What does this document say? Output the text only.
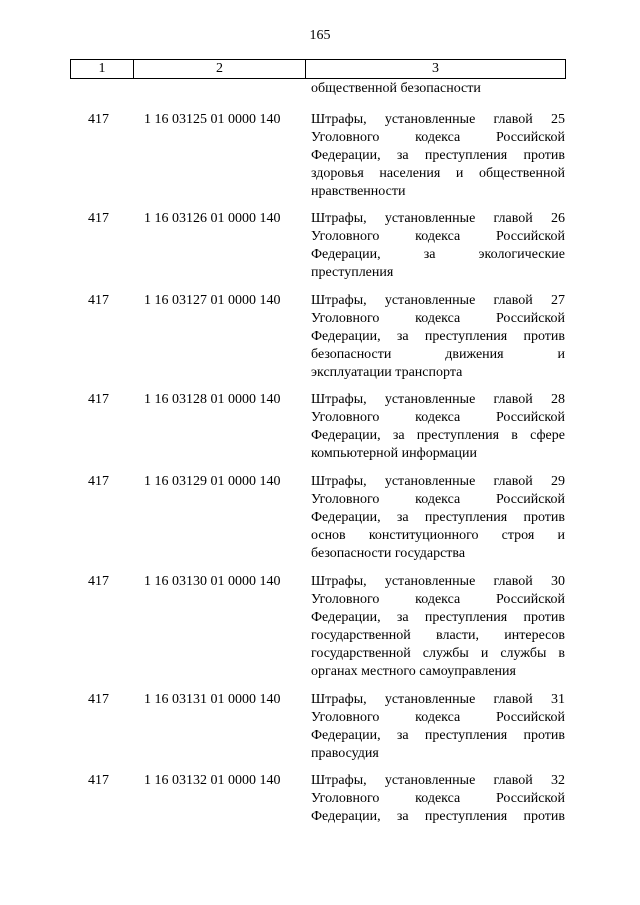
165
1	2	3
общественной безопасности
417	1 16 03125 01 0000 140	Штрафы, установленные главой 25
Уголовного кодекса Российской
Федерации, за преступления против
здоровья населения и общественной
нравственности
417	1 16 03126 01 0000 140	Штрафы, установленные главой 26
Уголовного кодекса Российской
Федерации, за экологические
преступления
417	1 16 03127 01 0000 140	Штрафы, установленные главой 27
Уголовного кодекса Российской
Федерации, за преступления против
безопасности движения и
эксплуатации транспорта
417	1 16 03128 01 0000 140	Штрафы, установленные главой 28
Уголовного кодекса Российской
Федерации, за преступления в сфере
компьютерной информации
417	1 16 03129 01 0000 140	Штрафы, установленные главой 29
Уголовного кодекса Российской
Федерации, за преступления против
основ конституционного строя и
безопасности государства
417	1 16 03130 01 0000 140	Штрафы, установленные главой 30
Уголовного кодекса Российской
Федерации, за преступления против
государственной власти, интересов
государственной службы и службы в
органах местного самоуправления
417	1 16 03131 01 0000 140	Штрафы, установленные главой 31
Уголовного кодекса Российской
Федерации, за преступления против
правосудия
417	1 16 03132 01 0000 140	Штрафы, установленные главой 32
Уголовного кодекса Российской
Федерации, за преступления против
